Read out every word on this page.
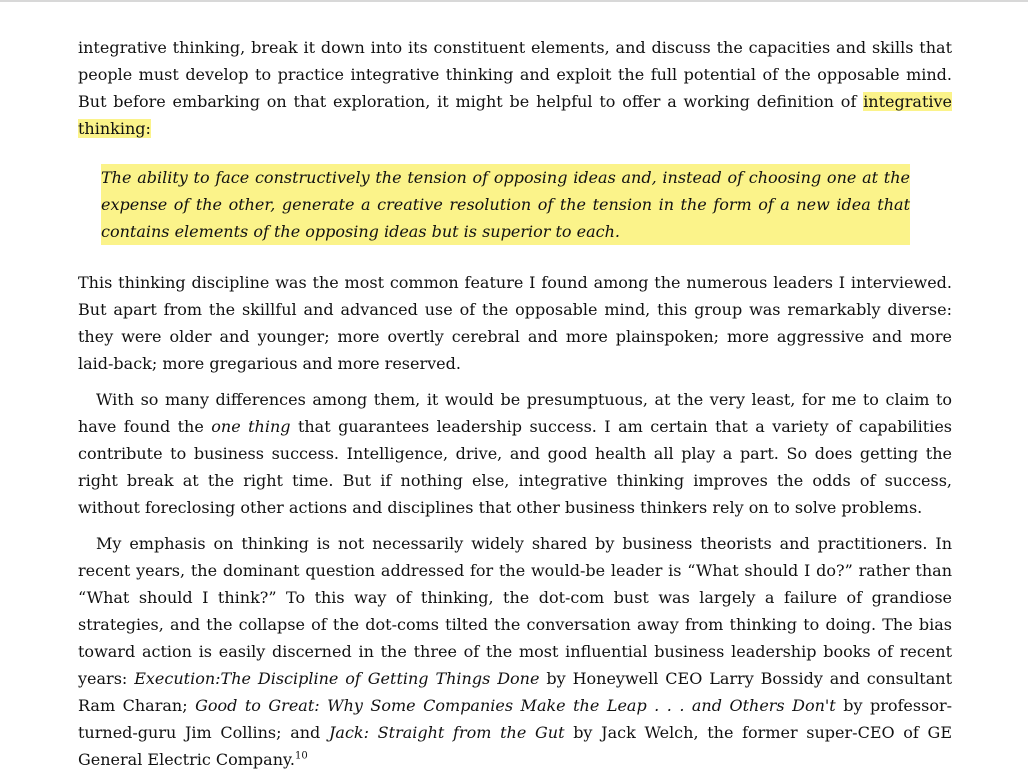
integrative thinking, break it down into its constituent elements, and discuss the capacities and skills that people must develop to practice integrative thinking and exploit the full potential of the opposable mind. But before embarking on that exploration, it might be helpful to offer a working definition of integrative thinking:

The ability to face constructively the tension of opposing ideas and, instead of choosing one at the expense of the other, generate a creative resolution of the tension in the form of a new idea that contains elements of the opposing ideas but is superior to each.

This thinking discipline was the most common feature I found among the numerous leaders I interviewed. But apart from the skillful and advanced use of the opposable mind, this group was remarkably diverse: they were older and younger; more overtly cerebral and more plainspoken; more aggressive and more laid-back; more gregarious and more reserved.

With so many differences among them, it would be presumptuous, at the very least, for me to claim to have found the one thing that guarantees leadership success. I am certain that a variety of capabilities contribute to business success. Intelligence, drive, and good health all play a part. So does getting the right break at the right time. But if nothing else, integrative thinking improves the odds of success, without foreclosing other actions and disciplines that other business thinkers rely on to solve problems.

My emphasis on thinking is not necessarily widely shared by business theorists and practitioners. In recent years, the dominant question addressed for the would-be leader is “What should I do?” rather than “What should I think?” To this way of thinking, the dot-com bust was largely a failure of grandiose strategies, and the collapse of the dot-coms tilted the conversation away from thinking to doing. The bias toward action is easily discerned in the three of the most influential business leadership books of recent years: Execution:The Discipline of Getting Things Done by Honeywell CEO Larry Bossidy and consultant Ram Charan; Good to Great: Why Some Companies Make the Leap . . . and Others Don't by professor-turned-guru Jim Collins; and Jack: Straight from the Gut by Jack Welch, the former super-CEO of GE General Electric Company.$^{10}$
